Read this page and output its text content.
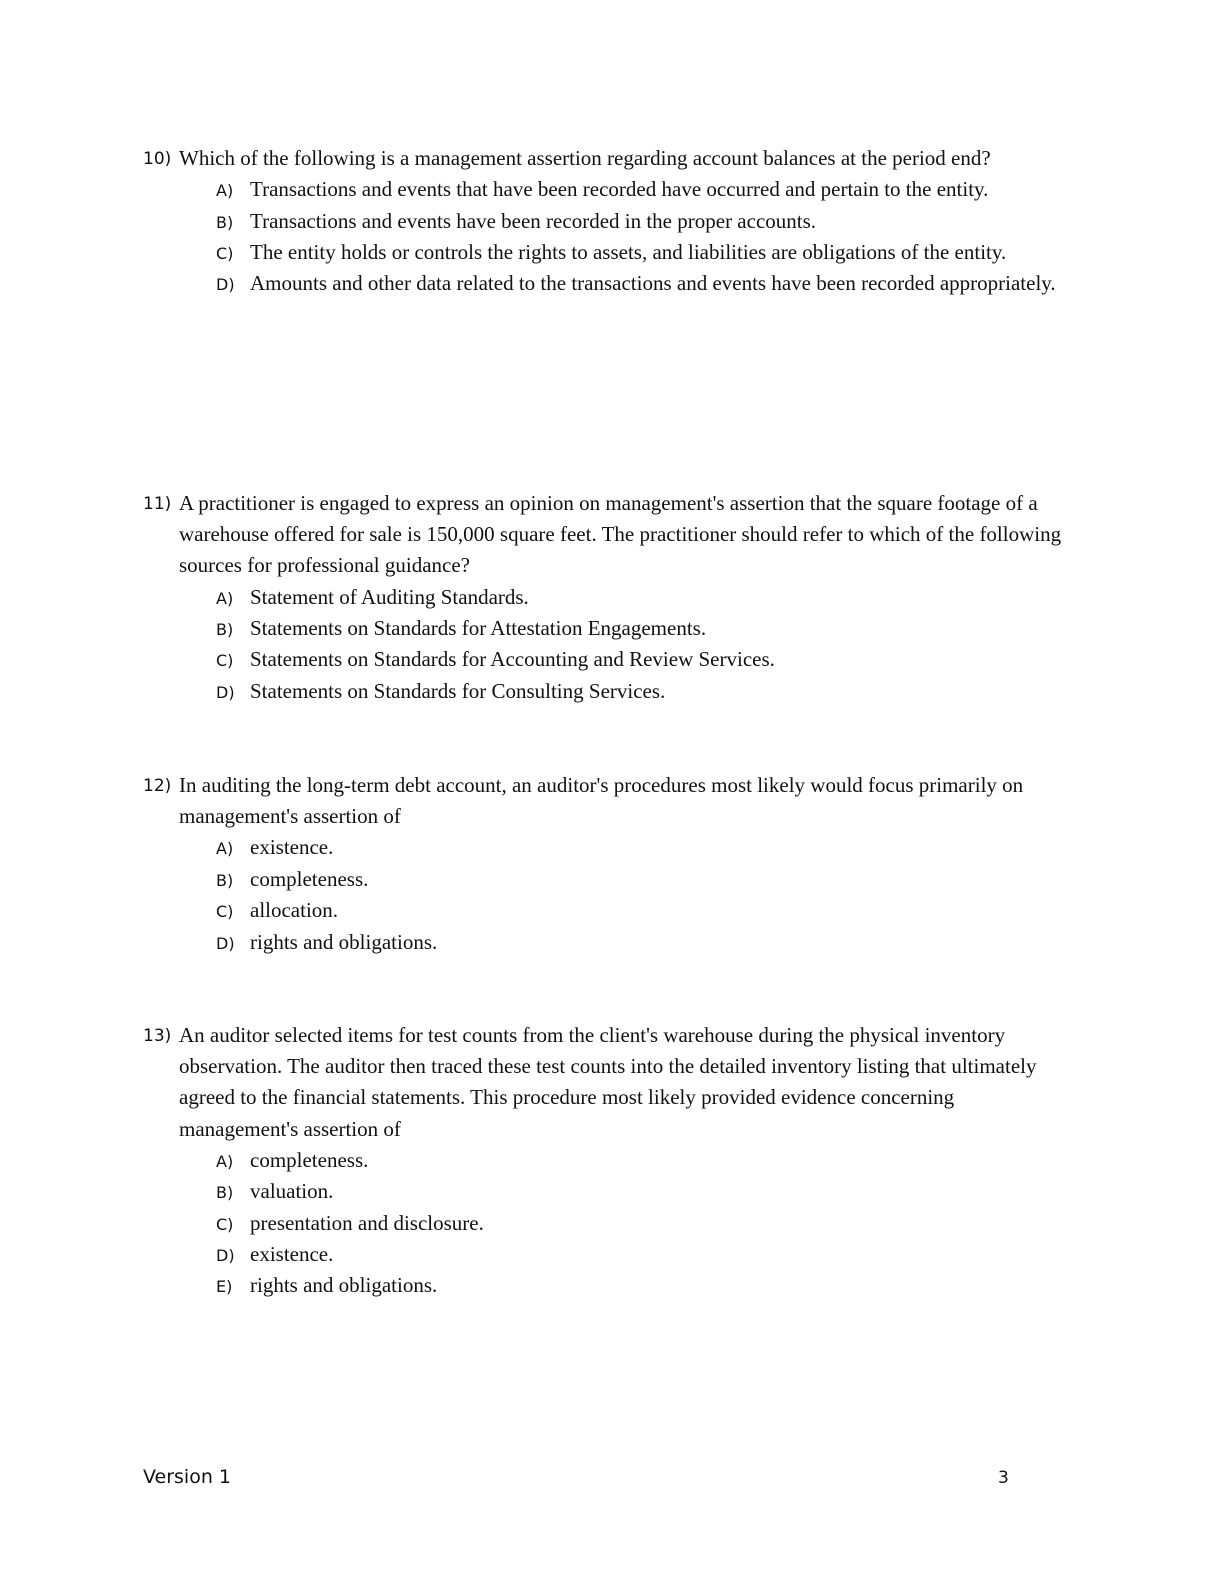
10) Which of the following is a management assertion regarding account balances at the period end?
A) Transactions and events that have been recorded have occurred and pertain to the entity.
B) Transactions and events have been recorded in the proper accounts.
C) The entity holds or controls the rights to assets, and liabilities are obligations of the entity.
D) Amounts and other data related to the transactions and events have been recorded appropriately.
11) A practitioner is engaged to express an opinion on management's assertion that the square footage of a warehouse offered for sale is 150,000 square feet. The practitioner should refer to which of the following sources for professional guidance?
A) Statement of Auditing Standards.
B) Statements on Standards for Attestation Engagements.
C) Statements on Standards for Accounting and Review Services.
D) Statements on Standards for Consulting Services.
12) In auditing the long-term debt account, an auditor's procedures most likely would focus primarily on management's assertion of
A) existence.
B) completeness.
C) allocation.
D) rights and obligations.
13) An auditor selected items for test counts from the client's warehouse during the physical inventory observation. The auditor then traced these test counts into the detailed inventory listing that ultimately agreed to the financial statements. This procedure most likely provided evidence concerning management's assertion of
A) completeness.
B) valuation.
C) presentation and disclosure.
D) existence.
E) rights and obligations.
Version 1	3
